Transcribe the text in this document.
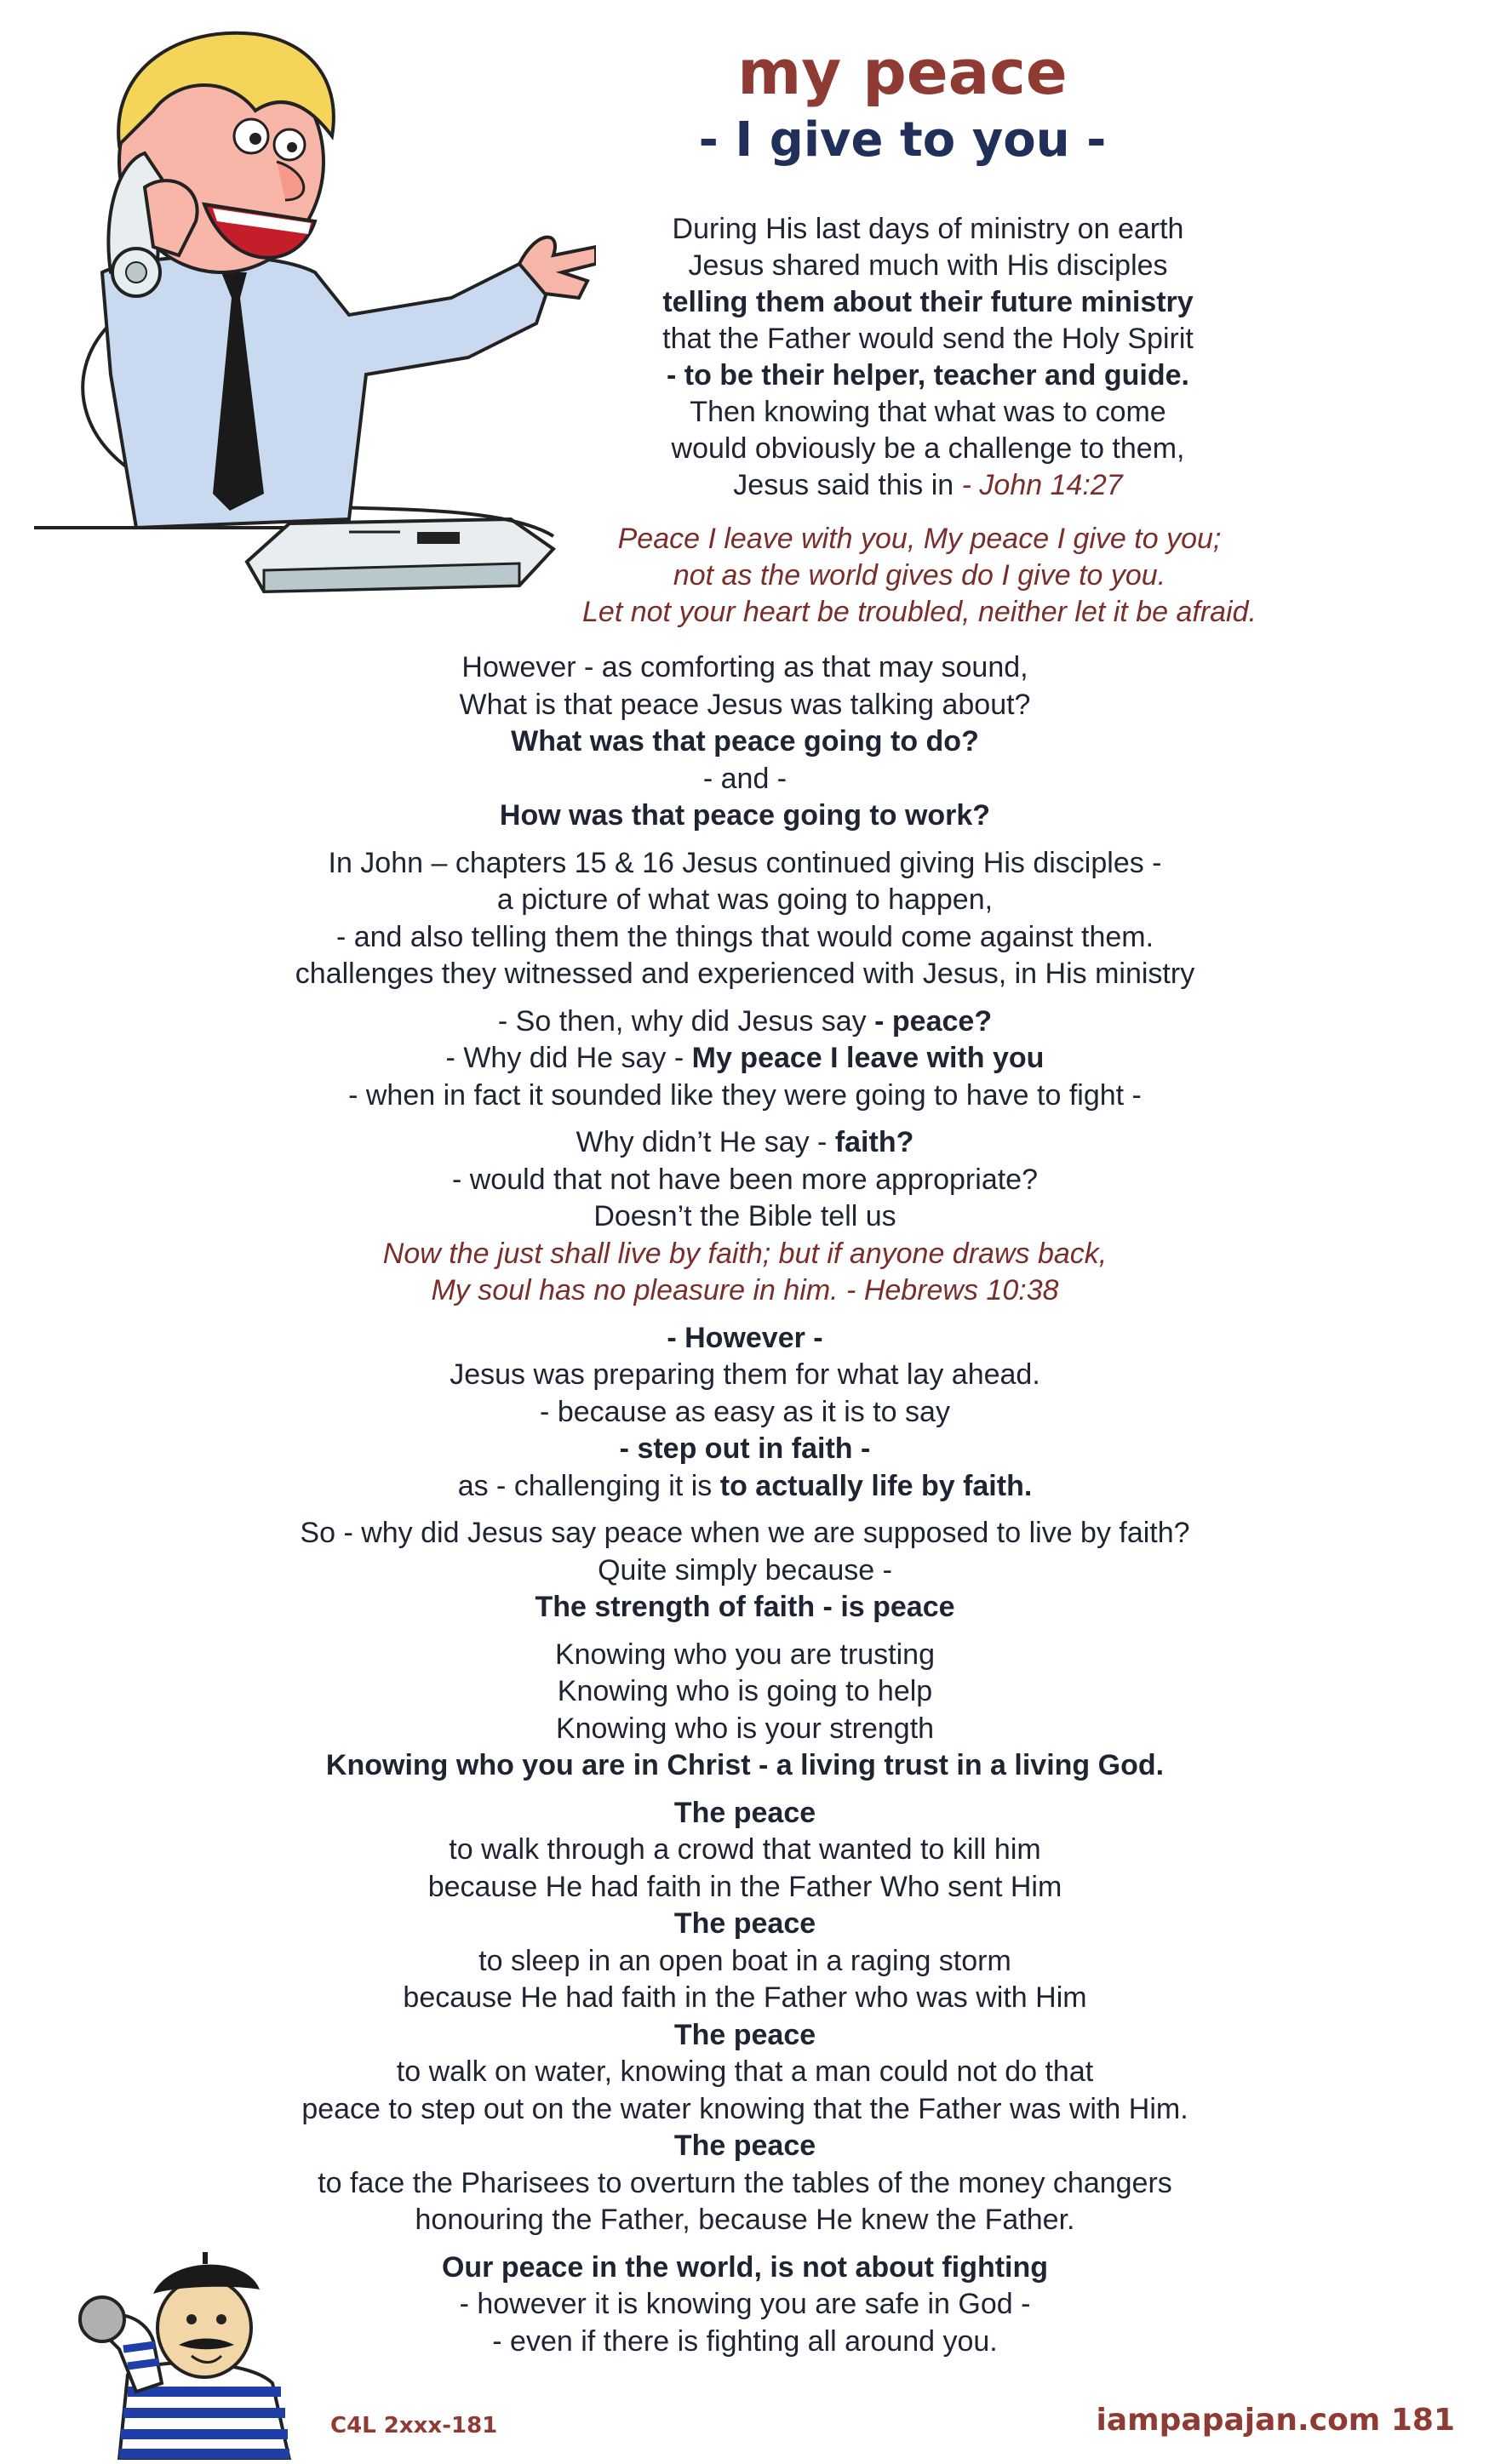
my peace
- I give to you -
During His last days of ministry on earth
Jesus shared much with His disciples
telling them about their future ministry
that the Father would send the Holy Spirit
- to be their helper, teacher and guide.
Then knowing that what was to come
would obviously be a challenge to them,
Jesus said this in - John 14:27
Peace I leave with you, My peace I give to you;
not as the world gives do I give to you.
Let not your heart be troubled, neither let it be afraid.
However - as comforting as that may sound,
What is that peace Jesus was talking about?
What was that peace going to do?
- and -
How was that peace going to work?
In John – chapters 15 & 16 Jesus continued giving His disciples -
a picture of what was going to happen,
- and also telling them the things that would come against them.
challenges they witnessed and experienced with Jesus, in His ministry
- So then, why did Jesus say - peace?
- Why did He say - My peace I leave with you
- when in fact it sounded like they were going to have to fight -
Why didn’t He say - faith?
- would that not have been more appropriate?
Doesn’t the Bible tell us
Now the just shall live by faith; but if anyone draws back,
My soul has no pleasure in him. - Hebrews 10:38
- However -
Jesus was preparing them for what lay ahead.
- because as easy as it is to say
- step out in faith -
as - challenging it is to actually life by faith.
So - why did Jesus say peace when we are supposed to live by faith?
Quite simply because -
The strength of faith - is peace
Knowing who you are trusting
Knowing who is going to help
Knowing who is your strength
Knowing who you are in Christ - a living trust in a living God.
The peace
to walk through a crowd that wanted to kill him
because He had faith in the Father Who sent Him
The peace
to sleep in an open boat in a raging storm
because He had faith in the Father who was with Him
The peace
to walk on water, knowing that a man could not do that
peace to step out on the water knowing that the Father was with Him.
The peace
to face the Pharisees to overturn the tables of the money changers
honouring the Father, because He knew the Father.
Our peace in the world, is not about fighting
- however it is knowing you are safe in God -
- even if there is fighting all around you.
C4L 2xxx-181	iampapajan.com 181
